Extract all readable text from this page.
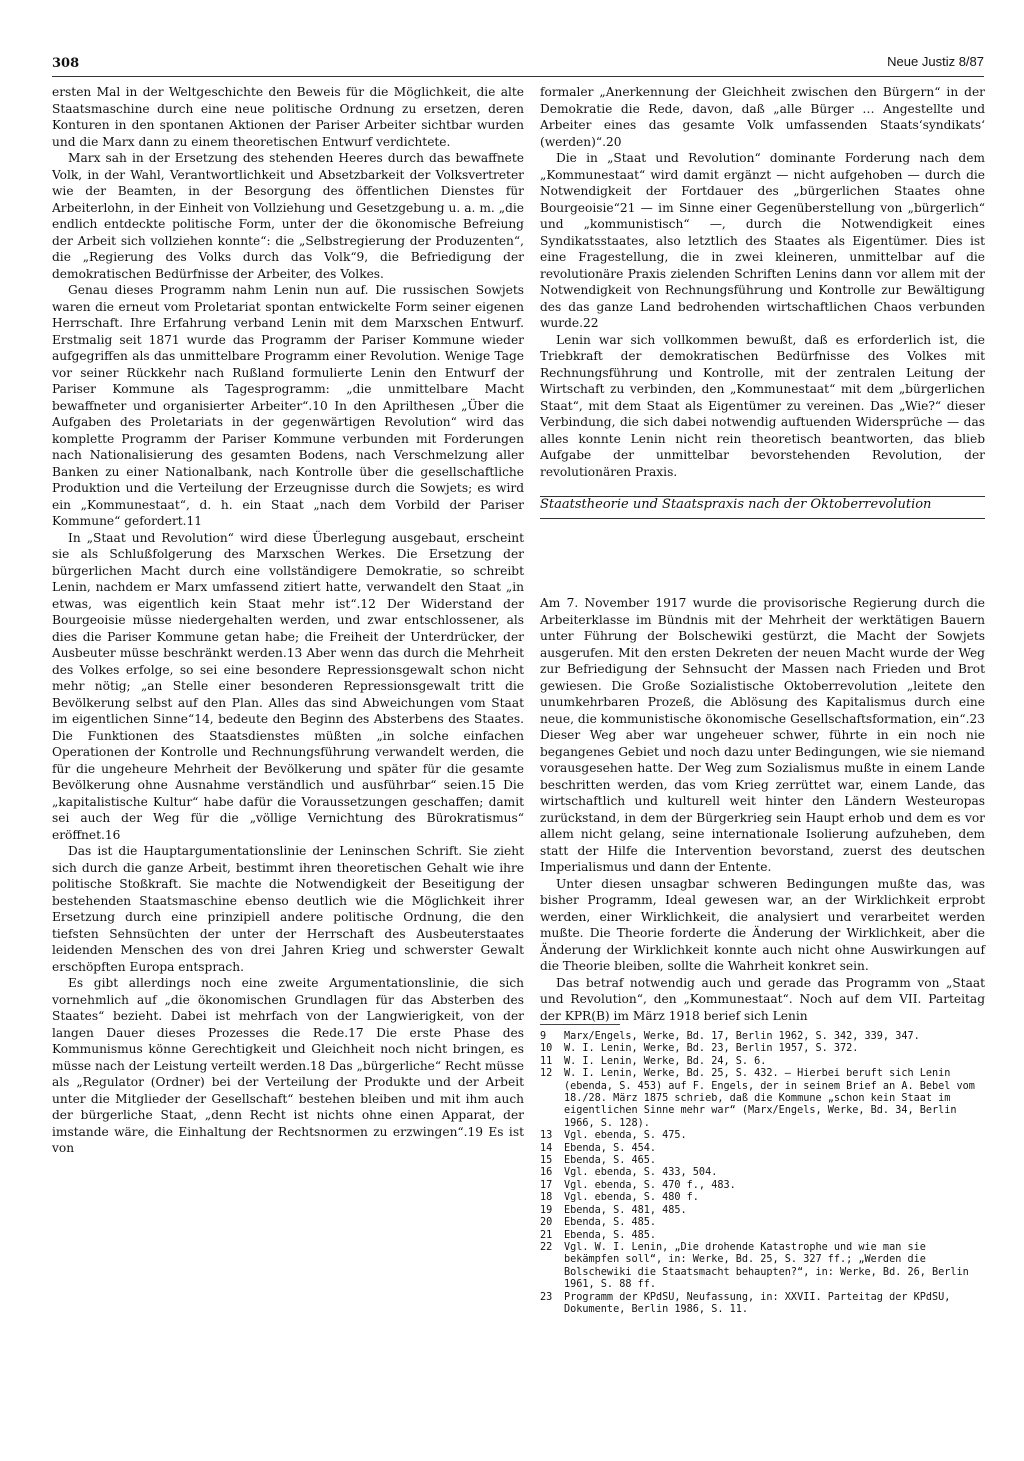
308	Neue Justiz 8/87

ersten Mal in der Weltgeschichte den Beweis für die Möglichkeit, die alte Staatsmaschine durch eine neue politische Ordnung zu ersetzen, deren Konturen in den spontanen Aktionen der Pariser Arbeiter sichtbar wurden und die Marx dann zu einem theoretischen Entwurf verdichtete.

Marx sah in der Ersetzung des stehenden Heeres durch das bewaffnete Volk, in der Wahl, Verantwortlichkeit und Absetzbarkeit der Volksvertreter wie der Beamten, in der Besorgung des öffentlichen Dienstes für Arbeiterlohn, in der Einheit von Vollziehung und Gesetzgebung u. a. m. „die endlich entdeckte politische Form, unter der die ökonomische Befreiung der Arbeit sich vollziehen konnte“: die „Selbstregierung der Produzenten“, die „Regierung des Volks durch das Volk“9, die Befriedigung der demokratischen Bedürfnisse der Arbeiter, des Volkes.

Genau dieses Programm nahm Lenin nun auf. Die russischen Sowjets waren die erneut vom Proletariat spontan entwickelte Form seiner eigenen Herrschaft. Ihre Erfahrung verband Lenin mit dem Marxschen Entwurf. Erstmalig seit 1871 wurde das Programm der Pariser Kommune wieder aufgegriffen als das unmittelbare Programm einer Revolution. Wenige Tage vor seiner Rückkehr nach Rußland formulierte Lenin den Entwurf der Pariser Kommune als Tagesprogramm: „die unmittelbare Macht bewaffneter und organisierter Arbeiter“.10 In den Aprilthesen „Über die Aufgaben des Proletariats in der gegenwärtigen Revolution“ wird das komplette Programm der Pariser Kommune verbunden mit Forderungen nach Nationalisierung des gesamten Bodens, nach Verschmelzung aller Banken zu einer Nationalbank, nach Kontrolle über die gesellschaftliche Produktion und die Verteilung der Erzeugnisse durch die Sowjets; es wird ein „Kommunestaat“, d. h. ein Staat „nach dem Vorbild der Pariser Kommune“ gefordert.11

In „Staat und Revolution“ wird diese Überlegung ausgebaut, erscheint sie als Schlußfolgerung des Marxschen Werkes. Die Ersetzung der bürgerlichen Macht durch eine vollständigere Demokratie, so schreibt Lenin, nachdem er Marx umfassend zitiert hatte, verwandelt den Staat „in etwas, was eigentlich kein Staat mehr ist“.12 Der Widerstand der Bourgeoisie müsse niedergehalten werden, und zwar entschlossener, als dies die Pariser Kommune getan habe; die Freiheit der Unterdrücker, der Ausbeuter müsse beschränkt werden.13 Aber wenn das durch die Mehrheit des Volkes erfolge, so sei eine besondere Repressionsgewalt schon nicht mehr nötig; „an Stelle einer besonderen Repressionsgewalt tritt die Bevölkerung selbst auf den Plan. Alles das sind Abweichungen vom Staat im eigentlichen Sinne“14, bedeute den Beginn des Absterbens des Staates. Die Funktionen des Staatsdienstes müßten „in solche einfachen Operationen der Kontrolle und Rechnungsführung verwandelt werden, die für die ungeheure Mehrheit der Bevölkerung und später für die gesamte Bevölkerung ohne Ausnahme verständlich und ausführbar“ seien.15 Die „kapitalistische Kultur“ habe dafür die Voraussetzungen geschaffen; damit sei auch der Weg für die „völlige Vernichtung des Bürokratismus“ eröffnet.16

Das ist die Hauptargumentationslinie der Leninschen Schrift. Sie zieht sich durch die ganze Arbeit, bestimmt ihren theoretischen Gehalt wie ihre politische Stoßkraft. Sie machte die Notwendigkeit der Beseitigung der bestehenden Staatsmaschine ebenso deutlich wie die Möglichkeit ihrer Ersetzung durch eine prinzipiell andere politische Ordnung, die den tiefsten Sehnsüchten der unter der Herrschaft des Ausbeuterstaates leidenden Menschen des von drei Jahren Krieg und schwerster Gewalt erschöpften Europa entsprach.

Es gibt allerdings noch eine zweite Argumentationslinie, die sich vornehmlich auf „die ökonomischen Grundlagen für das Absterben des Staates“ bezieht. Dabei ist mehrfach von der Langwierigkeit, von der langen Dauer dieses Prozesses die Rede.17 Die erste Phase des Kommunismus könne Gerechtigkeit und Gleichheit noch nicht bringen, es müsse nach der Leistung verteilt werden.18 Das „bürgerliche“ Recht müsse als „Regulator (Ordner) bei der Verteilung der Produkte und der Arbeit unter die Mitglieder der Gesellschaft“ bestehen bleiben und mit ihm auch der bürgerliche Staat, „denn Recht ist nichts ohne einen Apparat, der imstande wäre, die Einhaltung der Rechtsnormen zu erzwingen“.19 Es ist von

formaler „Anerkennung der Gleichheit zwischen den Bürgern“ in der Demokratie die Rede, davon, daß „alle Bürger … Angestellte und Arbeiter eines das gesamte Volk umfassenden Staats‘syndikats‘ (werden)“.20

Die in „Staat und Revolution“ dominante Forderung nach dem „Kommunestaat“ wird damit ergänzt — nicht aufgehoben — durch die Notwendigkeit der Fortdauer des „bürgerlichen Staates ohne Bourgeoisie“21 — im Sinne einer Gegenüberstellung von „bürgerlich“ und „kommunistisch“ —, durch die Notwendigkeit eines Syndikatsstaates, also letztlich des Staates als Eigentümer. Dies ist eine Fragestellung, die in zwei kleineren, unmittelbar auf die revolutionäre Praxis zielenden Schriften Lenins dann vor allem mit der Notwendigkeit von Rechnungsführung und Kontrolle zur Bewältigung des das ganze Land bedrohenden wirtschaftlichen Chaos verbunden wurde.22

Lenin war sich vollkommen bewußt, daß es erforderlich ist, die Triebkraft der demokratischen Bedürfnisse des Volkes mit Rechnungsführung und Kontrolle, mit der zentralen Leitung der Wirtschaft zu verbinden, den „Kommunestaat“ mit dem „bürgerlichen Staat“, mit dem Staat als Eigentümer zu vereinen. Das „Wie?“ dieser Verbindung, die sich dabei notwendig auftuenden Widersprüche — das alles konnte Lenin nicht rein theoretisch beantworten, das blieb Aufgabe der unmittelbar bevorstehenden Revolution, der revolutionären Praxis.

Staatstheorie und Staatspraxis nach der Oktoberrevolution

Am 7. November 1917 wurde die provisorische Regierung durch die Arbeiterklasse im Bündnis mit der Mehrheit der werktätigen Bauern unter Führung der Bolschewiki gestürzt, die Macht der Sowjets ausgerufen. Mit den ersten Dekreten der neuen Macht wurde der Weg zur Befriedigung der Sehnsucht der Massen nach Frieden und Brot gewiesen. Die Große Sozialistische Oktoberrevolution „leitete den unumkehrbaren Prozeß, die Ablösung des Kapitalismus durch eine neue, die kommunistische ökonomische Gesellschaftsformation, ein“.23 Dieser Weg aber war ungeheuer schwer, führte in ein noch nie begangenes Gebiet und noch dazu unter Bedingungen, wie sie niemand vorausgesehen hatte. Der Weg zum Sozialismus mußte in einem Lande beschritten werden, das vom Krieg zerrüttet war, einem Lande, das wirtschaftlich und kulturell weit hinter den Ländern Westeuropas zurückstand, in dem der Bürgerkrieg sein Haupt erhob und dem es vor allem nicht gelang, seine internationale Isolierung aufzuheben, dem statt der Hilfe die Intervention bevorstand, zuerst des deutschen Imperialismus und dann der Entente.

Unter diesen unsagbar schweren Bedingungen mußte das, was bisher Programm, Ideal gewesen war, an der Wirklichkeit erprobt werden, einer Wirklichkeit, die analysiert und verarbeitet werden mußte. Die Theorie forderte die Änderung der Wirklichkeit, aber die Änderung der Wirklichkeit konnte auch nicht ohne Auswirkungen auf die Theorie bleiben, sollte die Wahrheit konkret sein.

Das betraf notwendig auch und gerade das Programm von „Staat und Revolution“, den „Kommunestaat“. Noch auf dem VII. Parteitag der KPR(B) im März 1918 berief sich Lenin

9	Marx/Engels, Werke, Bd. 17, Berlin 1962, S. 342, 339, 347.
10	W. I. Lenin, Werke, Bd. 23, Berlin 1957, S. 372.
11	W. I. Lenin, Werke, Bd. 24, S. 6.
12	W. I. Lenin, Werke, Bd. 25, S. 432. — Hierbei beruft sich Lenin (ebenda, S. 453) auf F. Engels, der in seinem Brief an A. Bebel vom 18./28. März 1875 schrieb, daß die Kommune „schon kein Staat im eigentlichen Sinne mehr war“ (Marx/Engels, Werke, Bd. 34, Berlin 1966, S. 128).
13	Vgl. ebenda, S. 475.
14	Ebenda, S. 454.
15	Ebenda, S. 465.
16	Vgl. ebenda, S. 433, 504.
17	Vgl. ebenda, S. 470 f., 483.
18	Vgl. ebenda, S. 480 f.
19	Ebenda, S. 481, 485.
20	Ebenda, S. 485.
21	Ebenda, S. 485.
22	Vgl. W. I. Lenin, „Die drohende Katastrophe und wie man sie bekämpfen soll“, in: Werke, Bd. 25, S. 327 ff.; „Werden die Bolschewiki die Staatsmacht behaupten?“, in: Werke, Bd. 26, Berlin 1961, S. 88 ff.
23	Programm der KPdSU, Neufassung, in: XXVII. Parteitag der KPdSU, Dokumente, Berlin 1986, S. 11.
